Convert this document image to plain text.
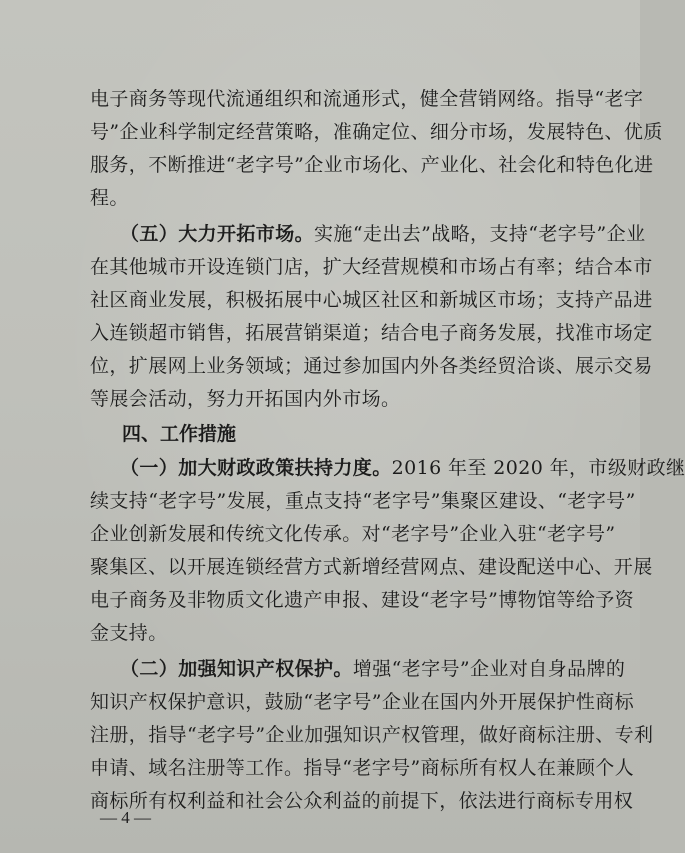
电子商务等现代流通组织和流通形式，健全营销网络。指导“老字
号”企业科学制定经营策略，准确定位、细分市场，发展特色、优质
服务，不断推进“老字号”企业市场化、产业化、社会化和特色化进
程。
（五）大力开拓市场。实施“走出去”战略，支持“老字号”企业
在其他城市开设连锁门店，扩大经营规模和市场占有率；结合本市
社区商业发展，积极拓展中心城区社区和新城区市场；支持产品进
入连锁超市销售，拓展营销渠道；结合电子商务发展，找准市场定
位，扩展网上业务领域；通过参加国内外各类经贸洽谈、展示交易
等展会活动，努力开拓国内外市场。
四、工作措施
（一）加大财政政策扶持力度。2016 年至 2020 年，市级财政继
续支持“老字号”发展，重点支持“老字号”集聚区建设、“老字号”
企业创新发展和传统文化传承。对“老字号”企业入驻“老字号”
聚集区、以开展连锁经营方式新增经营网点、建设配送中心、开展
电子商务及非物质文化遗产申报、建设“老字号”博物馆等给予资
金支持。
（二）加强知识产权保护。增强“老字号”企业对自身品牌的
知识产权保护意识，鼓励“老字号”企业在国内外开展保护性商标
注册，指导“老字号”企业加强知识产权管理，做好商标注册、专利
申请、域名注册等工作。指导“老字号”商标所有权人在兼顾个人
商标所有权利益和社会公众利益的前提下，依法进行商标专用权
— 4 —
